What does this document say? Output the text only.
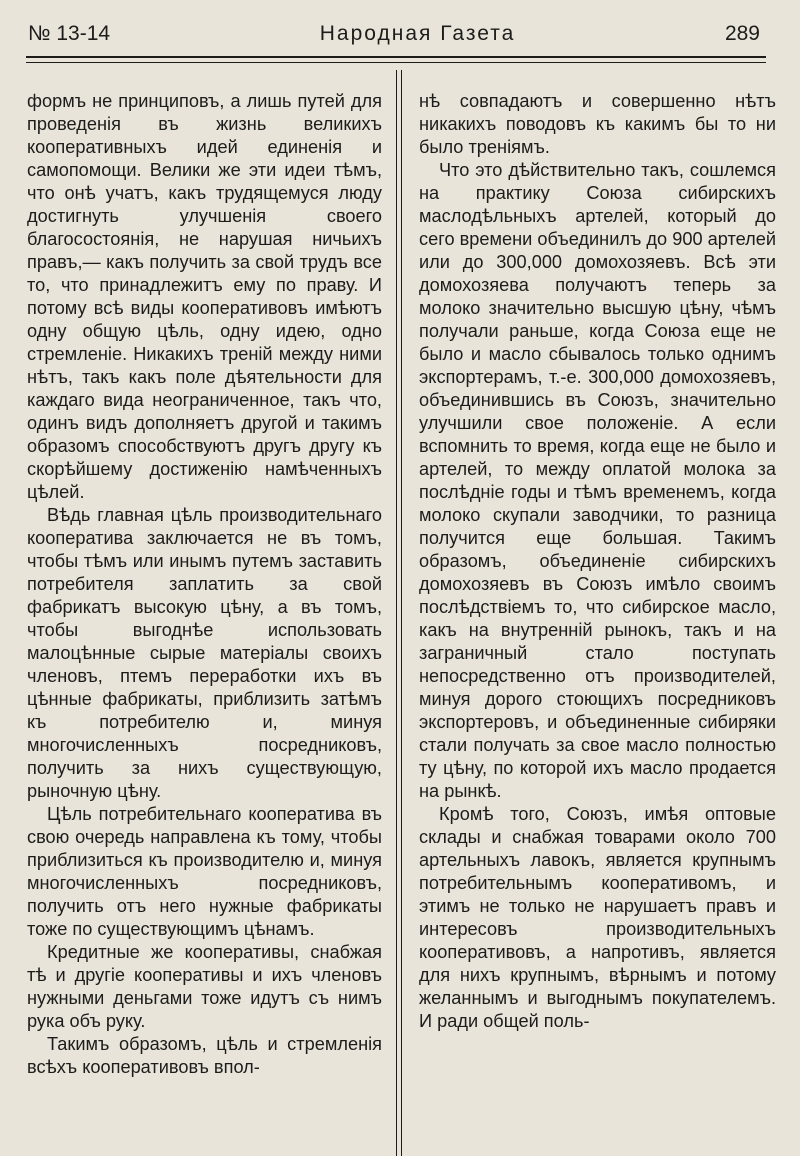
№ 13-14	Народная Газета	289

формъ не принциповъ, а лишь путей для проведенія въ жизнь великихъ кооперативныхъ идей единенія и самопомощи. Велики же эти идеи тѣмъ, что онѣ учатъ, какъ трудящемуся люду достигнуть улучшенія своего благосостоянія, не нарушая ничьихъ правъ,— какъ получить за свой трудъ все то, что принадлежитъ ему по праву. И потому всѣ виды кооперативовъ имѣютъ одну общую цѣль, одну идею, одно стремленіе. Никакихъ треній между ними нѣтъ, такъ какъ поле дѣятельности для каждаго вида неограниченное, такъ что, одинъ видъ дополняетъ другой и такимъ образомъ способствуютъ другъ другу къ скорѣйшему достиженію намѣченныхъ цѣлей.

Вѣдь главная цѣль производительнаго кооператива заключается не въ томъ, чтобы тѣмъ или инымъ путемъ заставить потребителя заплатить за свой фабрикатъ высокую цѣну, а въ томъ, чтобы выгоднѣе использовать малоцѣнные сырые матеріалы своихъ членовъ, птемъ переработки ихъ въ цѣнные фабрикаты, приблизить затѣмъ къ потребителю и, минуя многочисленныхъ посредниковъ, получить за нихъ существующую, рыночную цѣну.

Цѣль потребительнаго кооператива въ свою очередь направлена къ тому, чтобы приблизиться къ производителю и, минуя многочисленныхъ посредниковъ, получить отъ него нужные фабрикаты тоже по существующимъ цѣнамъ.

Кредитные же кооперативы, снабжая тѣ и другіе кооперативы и ихъ членовъ нужными деньгами тоже идутъ съ нимъ рука объ руку.

Такимъ образомъ, цѣль и стремленія всѣхъ кооперативовъ впол-

нѣ совпадаютъ и совершенно нѣтъ никакихъ поводовъ къ какимъ бы то ни было треніямъ.

Что это дѣйствительно такъ, сошлемся на практику Союза сибирскихъ маслодѣльныхъ артелей, который до сего времени объединилъ до 900 артелей или до 300,000 домохозяевъ. Всѣ эти домохозяева получаютъ теперь за молоко значительно высшую цѣну, чѣмъ получали раньше, когда Союза еще не было и масло сбывалось только однимъ экспортерамъ, т.-е. 300,000 домохозяевъ, объединившись въ Союзъ, значительно улучшили свое положеніе. А если вспомнить то время, когда еще не было и артелей, то между оплатой молока за послѣдніе годы и тѣмъ временемъ, когда молоко скупали заводчики, то разница получится еще большая. Такимъ образомъ, объединеніе сибирскихъ домохозяевъ въ Союзъ имѣло своимъ послѣдствіемъ то, что сибирское масло, какъ на внутренній рынокъ, такъ и на заграничный стало поступать непосредственно отъ производителей, минуя дорого стоющихъ посредниковъ экспортеровъ, и объединенные сибиряки стали получать за свое масло полностью ту цѣну, по которой ихъ масло продается на рынкѣ.

Кромѣ того, Союзъ, имѣя оптовые склады и снабжая товарами около 700 артельныхъ лавокъ, является крупнымъ потребительнымъ кооперативомъ, и этимъ не только не нарушаетъ правъ и интересовъ производительныхъ кооперативовъ, а напротивъ, является для нихъ крупнымъ, вѣрнымъ и потому желаннымъ и выгоднымъ покупателемъ. И ради общей поль-
